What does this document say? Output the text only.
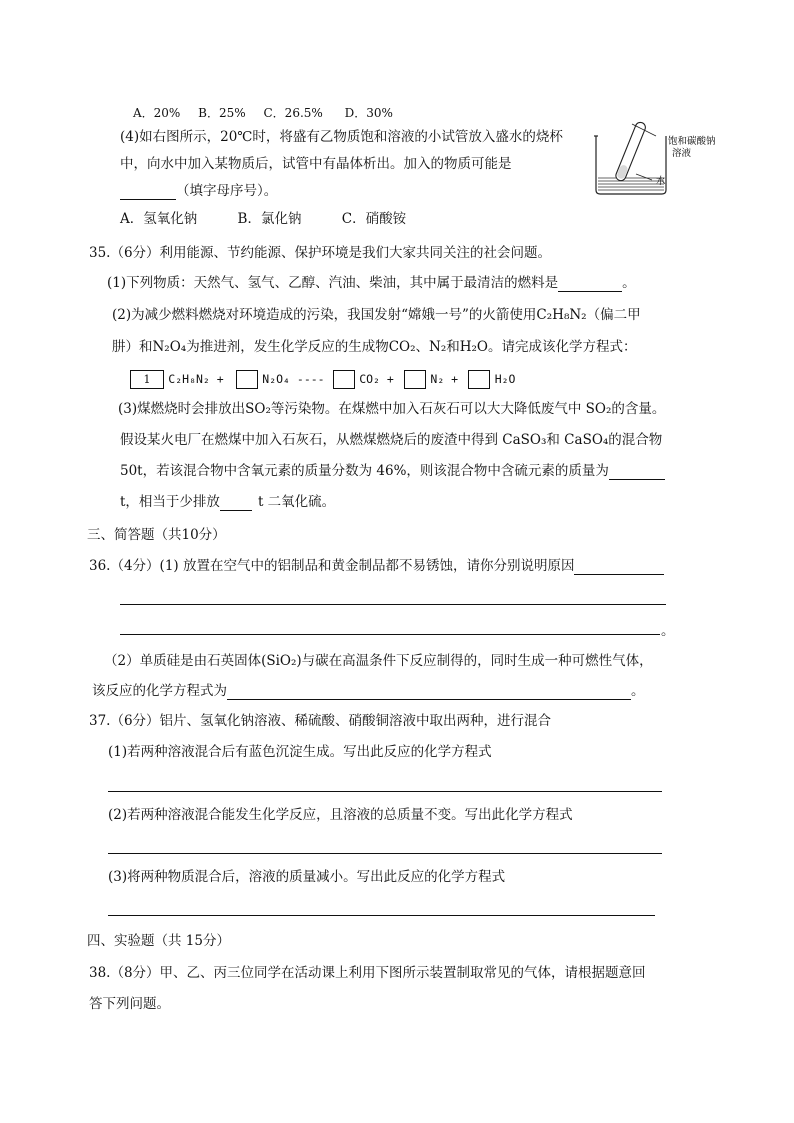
A．20% B．25% C．26.5% D．30%
(4)如右图所示，20℃时，将盛有乙物质饱和溶液的小试管放入盛水的烧杯
中，向水中加入某物质后，试管中有晶体析出。加入的物质可能是
（填字母序号）。
A．氢氧化钠	B．氯化钠	C．硝酸铵
饱和碳酸钠
溶液
水
35.（6分）利用能源、节约能源、保护环境是我们大家共同关注的社会问题。
(1)下列物质：天然气、氢气、乙醇、汽油、柴油，其中属于最清洁的燃料是	。
(2)为减少燃料燃烧对环境造成的污染，我国发射“嫦娥一号”的火箭使用C₂H₈N₂（偏二甲
肼）和N₂O₄为推进剂，发生化学反应的生成物CO₂、N₂和H₂O。请完成该化学方程式：
1 C₂H₈N₂ +	N₂O₄ ----	CO₂ +	N₂ +	H₂O
(3)煤燃烧时会排放出SO₂等污染物。在煤燃中加入石灰石可以大大降低废气中 SO₂的含量。
假设某火电厂在燃煤中加入石灰石，从燃煤燃烧后的废渣中得到 CaSO₃和 CaSO₄的混合物
50t，若该混合物中含氧元素的质量分数为 46%，则该混合物中含硫元素的质量为
t，相当于少排放	t 二氧化硫。
三、简答题（共10分）
36.（4分）(1) 放置在空气中的铝制品和黄金制品都不易锈蚀，请你分别说明原因
。
（2）单质硅是由石英固体(SiO₂)与碳在高温条件下反应制得的，同时生成一种可燃性气体，
该反应的化学方程式为	。
37.（6分）铝片、氢氧化钠溶液、稀硫酸、硝酸铜溶液中取出两种，进行混合
(1)若两种溶液混合后有蓝色沉淀生成。写出此反应的化学方程式
(2)若两种溶液混合能发生化学反应，且溶液的总质量不变。写出此化学方程式
(3)将两种物质混合后，溶液的质量减小。写出此反应的化学方程式
四、实验题（共 15分）
38.（8分）甲、乙、丙三位同学在活动课上利用下图所示装置制取常见的气体，请根据题意回
答下列问题。
